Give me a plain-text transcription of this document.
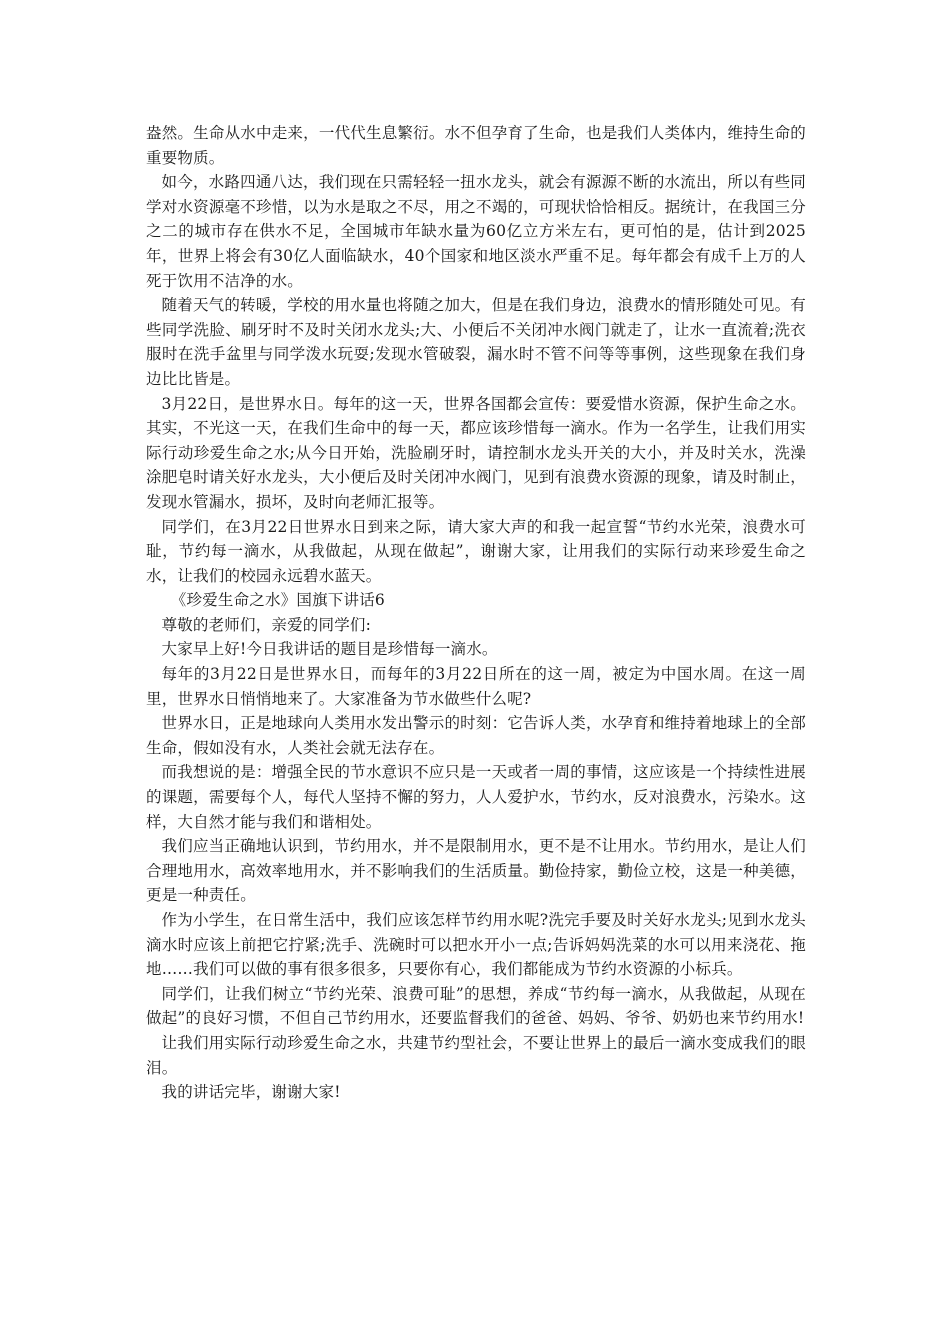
盎然。生命从水中走来，一代代生息繁衍。水不但孕育了生命，也是我们人类体内，维持生命的重要物质。

如今，水路四通八达，我们现在只需轻轻一扭水龙头，就会有源源不断的水流出，所以有些同学对水资源毫不珍惜，以为水是取之不尽，用之不竭的，可现状恰恰相反。据统计，在我国三分之二的城市存在供水不足，全国城市年缺水量为60亿立方米左右，更可怕的是，估计到2025年，世界上将会有30亿人面临缺水，40个国家和地区淡水严重不足。每年都会有成千上万的人死于饮用不洁净的水。

随着天气的转暖，学校的用水量也将随之加大，但是在我们身边，浪费水的情形随处可见。有些同学洗脸、刷牙时不及时关闭水龙头;大、小便后不关闭冲水阀门就走了，让水一直流着;洗衣服时在洗手盆里与同学泼水玩耍;发现水管破裂，漏水时不管不问等等事例，这些现象在我们身边比比皆是。

3月22日，是世界水日。每年的这一天，世界各国都会宣传：要爱惜水资源，保护生命之水。其实，不光这一天，在我们生命中的每一天，都应该珍惜每一滴水。作为一名学生，让我们用实际行动珍爱生命之水;从今日开始，洗脸刷牙时，请控制水龙头开关的大小，并及时关水，洗澡涂肥皂时请关好水龙头，大小便后及时关闭冲水阀门，见到有浪费水资源的现象，请及时制止，发现水管漏水，损坏，及时向老师汇报等。

同学们，在3月22日世界水日到来之际，请大家大声的和我一起宣誓“节约水光荣，浪费水可耻，节约每一滴水，从我做起，从现在做起”，谢谢大家，让用我们的实际行动来珍爱生命之水，让我们的校园永远碧水蓝天。

《珍爱生命之水》国旗下讲话6

尊敬的老师们，亲爱的同学们:

大家早上好!今日我讲话的题目是珍惜每一滴水。

每年的3月22日是世界水日，而每年的3月22日所在的这一周，被定为中国水周。在这一周里，世界水日悄悄地来了。大家准备为节水做些什么呢?

世界水日，正是地球向人类用水发出警示的时刻：它告诉人类，水孕育和维持着地球上的全部生命，假如没有水，人类社会就无法存在。

而我想说的是：增强全民的节水意识不应只是一天或者一周的事情，这应该是一个持续性进展的课题，需要每个人，每代人坚持不懈的努力，人人爱护水，节约水，反对浪费水，污染水。这样，大自然才能与我们和谐相处。

我们应当正确地认识到，节约用水，并不是限制用水，更不是不让用水。节约用水，是让人们合理地用水，高效率地用水，并不影响我们的生活质量。勤俭持家，勤俭立校，这是一种美德，更是一种责任。

作为小学生，在日常生活中，我们应该怎样节约用水呢?洗完手要及时关好水龙头;见到水龙头滴水时应该上前把它拧紧;洗手、洗碗时可以把水开小一点;告诉妈妈洗菜的水可以用来浇花、拖地……我们可以做的事有很多很多，只要你有心，我们都能成为节约水资源的小标兵。

同学们，让我们树立“节约光荣、浪费可耻”的思想，养成“节约每一滴水，从我做起，从现在做起”的良好习惯，不但自己节约用水，还要监督我们的爸爸、妈妈、爷爷、奶奶也来节约用水!

让我们用实际行动珍爱生命之水，共建节约型社会，不要让世界上的最后一滴水变成我们的眼泪。

我的讲话完毕，谢谢大家!
